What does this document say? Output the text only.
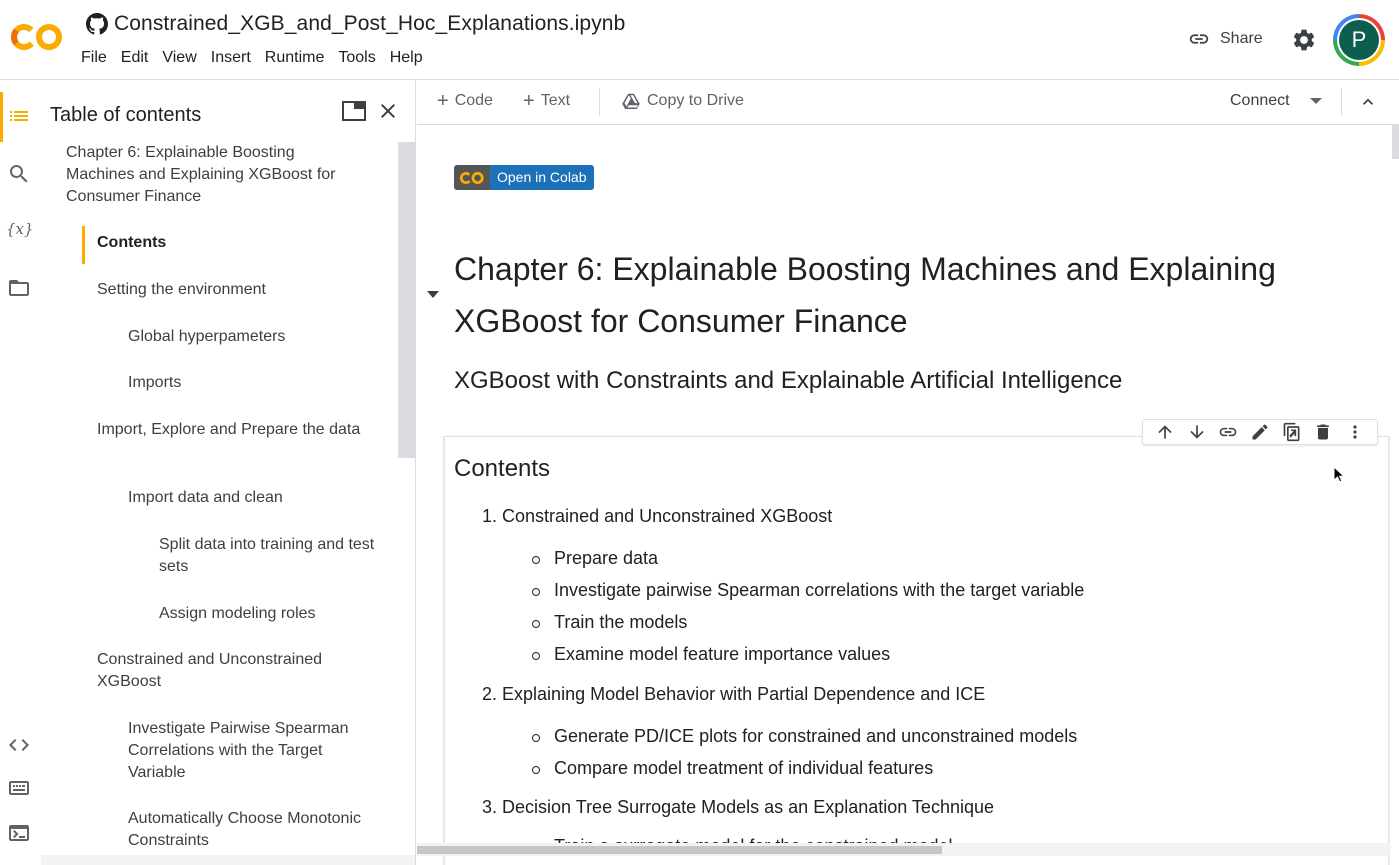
Constrained_XGB_and_Post_Hoc_Explanations.ipynb
File Edit View Insert Runtime Tools Help
Share	P
{𝑥}
Table of contents
Chapter 6: Explainable Boosting Machines and Explaining XGBoost for Consumer Finance
Contents
Setting the environment
Global hyperpameters
Imports
Import, Explore and Prepare the data
Import data and clean
Split data into training and test sets
Assign modeling roles
Constrained and Unconstrained XGBoost
Investigate Pairwise Spearman Correlations with the Target Variable
Automatically Choose Monotonic Constraints
+ Code + Text	Copy to Drive	Connect
Open in Colab
Chapter 6: Explainable Boosting Machines and Explaining XGBoost for Consumer Finance
XGBoost with Constraints and Explainable Artificial Intelligence
Contents
1. Constrained and Unconstrained XGBoost
Prepare data
Investigate pairwise Spearman correlations with the target variable
Train the models
Examine model feature importance values
2. Explaining Model Behavior with Partial Dependence and ICE
Generate PD/ICE plots for constrained and unconstrained models
Compare model treatment of individual features
3. Decision Tree Surrogate Models as an Explanation Technique
